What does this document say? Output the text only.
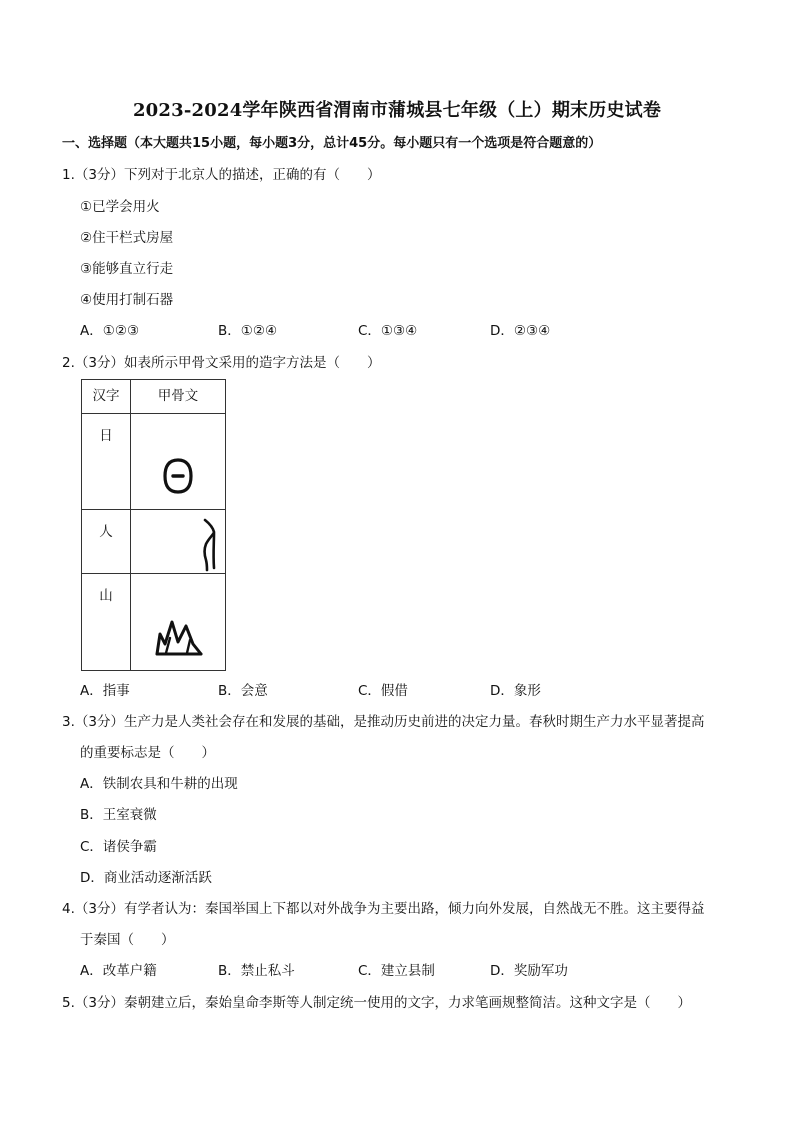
2023-2024学年陕西省渭南市蒲城县七年级（上）期末历史试卷
一、选择题（本大题共15小题，每小题3分，总计45分。每小题只有一个选项是符合题意的）
1.（3分）下列对于北京人的描述，正确的有（　　）
①已学会用火
②住干栏式房屋
③能够直立行走
④使用打制石器
A．①②③	B．①②④	C．①③④	D．②③④
2.（3分）如表所示甲骨文采用的造字方法是（　　）
汉字	甲骨文

日

人

山

A．指事	B．会意	C．假借	D．象形
3.（3分）生产力是人类社会存在和发展的基础，是推动历史前进的决定力量。春秋时期生产力水平显著提高
的重要标志是（　　）
A．铁制农具和牛耕的出现
B．王室衰微
C．诸侯争霸
D．商业活动逐渐活跃
4.（3分）有学者认为：秦国举国上下都以对外战争为主要出路，倾力向外发展，自然战无不胜。这主要得益
于秦国（　　）
A．改革户籍	B．禁止私斗	C．建立县制	D．奖励军功
5.（3分）秦朝建立后，秦始皇命李斯等人制定统一使用的文字，力求笔画规整简洁。这种文字是（　　）
